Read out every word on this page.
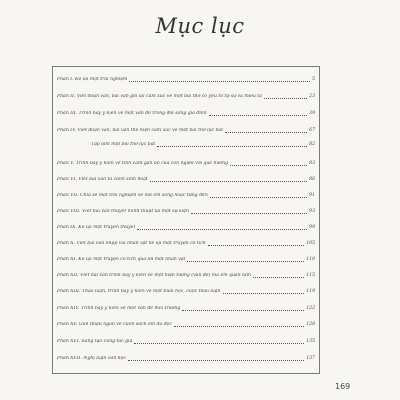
Mục lục
Phần I. Kể lại một trải nghiệm	5
Phần II. Viết đoạn văn, bài văn ghi lại cảm xúc về một bài thơ có yếu tố tự sự và miêu tả	23
Phần III. Trình bày ý kiến về một vấn đề trong đời sống gia đình	39
Phần IV. Viết đoạn văn, bài văn thể hiện cảm xúc về một bài thơ lục bát	67
Tập làm một bài thơ lục bát	82
Phần V. Trình bày ý kiến về tình cảm gắn bó của con người với quê hương	83
Phần VI. Viết bài văn tả cảnh sinh hoạt	86
Phần VII. Chia sẻ một trải nghiệm về nơi em sống hoặc từng đến	91
Phần VIII. Viết bài văn thuyết minh thuật lại một sự kiện	93
Phần IX. Kể lại một truyền thuyết	99
Phần X. Viết bài văn nhập vai nhân vật kể lại một truyện cổ tích	105
Phần XI. Kể lại một truyện cổ tích qua lời một nhân vật	110
Phần XII. Viết bài văn trình bày ý kiến về một hiện tượng (vấn đề) mà em quan tâm	115
Phần XIII. Thảo luận, trình bày ý kiến về một buổi học, cuộc thảo luận	119
Phần XIV. Trình bày ý kiến về một vấn đề môi trường	122
Phần XV. Giới thiệu ngắn về cuốn sách em đã đọc	128
Phần XVI. Sáng tạo cùng tác giả	135
Phần XVII. Nghị luận văn học	137
169
